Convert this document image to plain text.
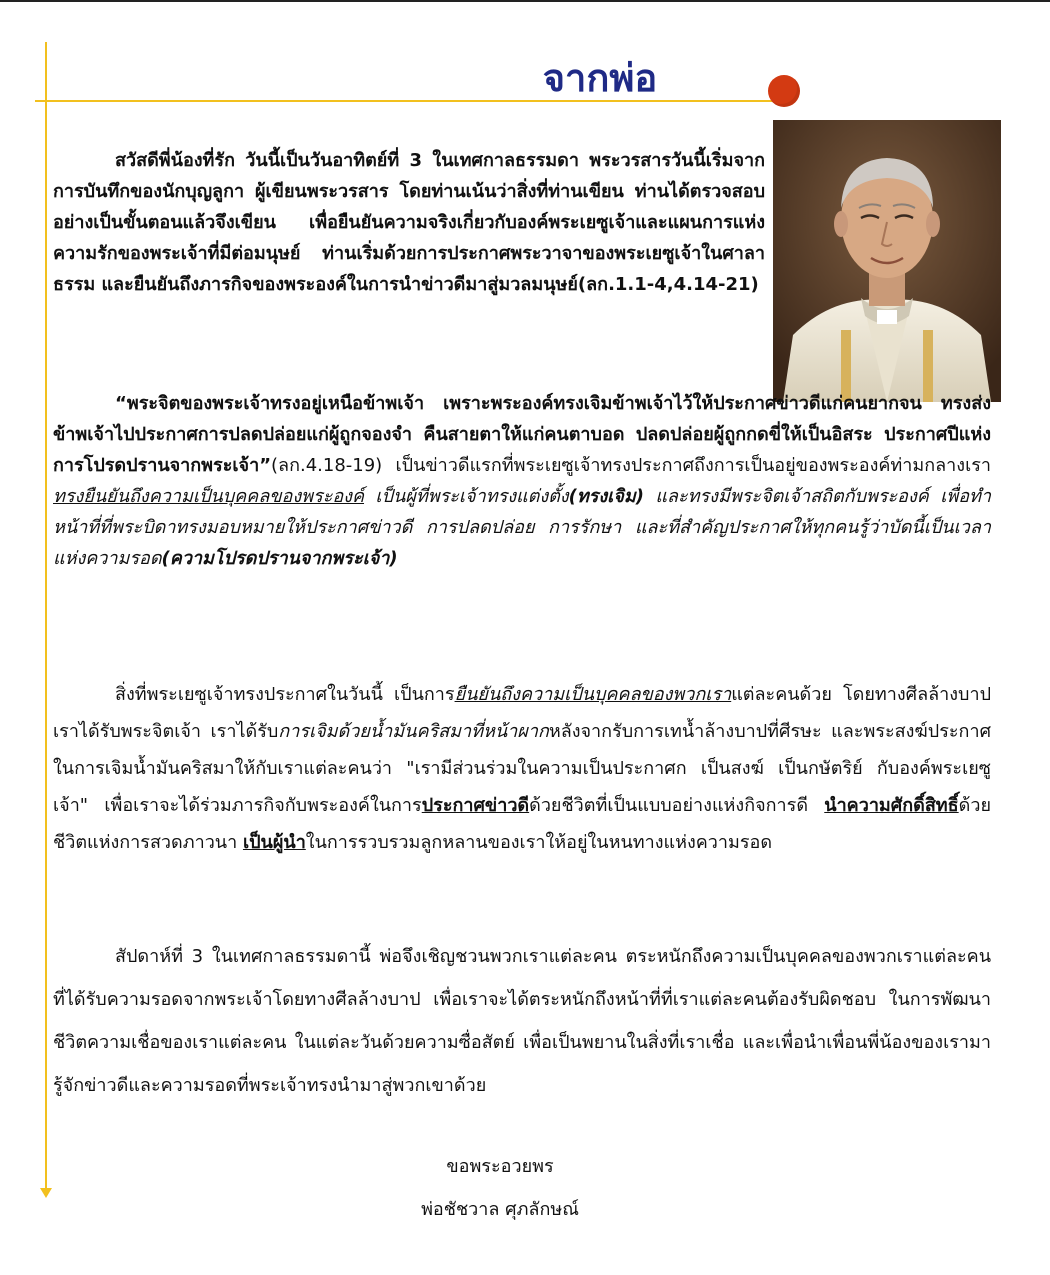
จากพ่อ

สวัสดีพี่น้องที่รัก วันนี้เป็นวันอาทิตย์ที่ 3 ในเทศกาลธรรมดา พระวรสารวันนี้เริ่มจากการบันทึกของนักบุญลูกา ผู้เขียนพระวรสาร โดยท่านเน้นว่าสิ่งที่ท่านเขียน ท่านได้ตรวจสอบอย่างเป็นขั้นตอนแล้วจึงเขียน เพื่อยืนยันความจริงเกี่ยวกับองค์พระเยซูเจ้าและแผนการแห่งความรักของพระเจ้าที่มีต่อมนุษย์ ท่านเริ่มด้วยการประกาศพระวาจาของพระเยซูเจ้าในศาลาธรรม และยืนยันถึงภารกิจของพระองค์ในการนำข่าวดีมาสู่มวลมนุษย์(ลก.1.1-4,4.14-21)

“พระจิตของพระเจ้าทรงอยู่เหนือข้าพเจ้า เพราะพระองค์ทรงเจิมข้าพเจ้าไว้ให้ประกาศข่าวดีแก่คนยากจน ทรงส่งข้าพเจ้าไปประกาศการปลดปล่อยแก่ผู้ถูกจองจำ คืนสายตาให้แก่คนตาบอด ปลดปล่อยผู้ถูกกดขี่ให้เป็นอิสระ ประกาศปีแห่งการโปรดปรานจากพระเจ้า”(ลก.4.18-19) เป็นข่าวดีแรกที่พระเยซูเจ้าทรงประกาศถึงการเป็นอยู่ของพระองค์ท่ามกลางเรา ทรงยืนยันถึงความเป็นบุคคลของพระองค์ เป็นผู้ที่พระเจ้าทรงแต่งตั้ง(ทรงเจิม) และทรงมีพระจิตเจ้าสถิตกับพระองค์ เพื่อทำหน้าที่ที่พระบิดาทรงมอบหมายให้ประกาศข่าวดี การปลดปล่อย การรักษา และที่สำคัญประกาศให้ทุกคนรู้ว่าบัดนี้เป็นเวลาแห่งความรอด(ความโปรดปรานจากพระเจ้า)

สิ่งที่พระเยซูเจ้าทรงประกาศในวันนี้ เป็นการยืนยันถึงความเป็นบุคคลของพวกเราแต่ละคนด้วย โดยทางศีลล้างบาป เราได้รับพระจิตเจ้า เราได้รับการเจิมด้วยน้ำมันคริสมาที่หน้าผากหลังจากรับการเทน้ำล้างบาปที่ศีรษะ และพระสงฆ์ประกาศในการเจิมน้ำมันคริสมาให้กับเราแต่ละคนว่า "เรามีส่วนร่วมในความเป็นประกาศก เป็นสงฆ์ เป็นกษัตริย์ กับองค์พระเยซูเจ้า" เพื่อเราจะได้ร่วมภารกิจกับพระองค์ในการประกาศข่าวดีด้วยชีวิตที่เป็นแบบอย่างแห่งกิจการดี นำความศักดิ์สิทธิ์ด้วยชีวิตแห่งการสวดภาวนา เป็นผู้นำในการรวบรวมลูกหลานของเราให้อยู่ในหนทางแห่งความรอด

สัปดาห์ที่ 3 ในเทศกาลธรรมดานี้ พ่อจึงเชิญชวนพวกเราแต่ละคน ตระหนักถึงความเป็นบุคคลของพวกเราแต่ละคน ที่ได้รับความรอดจากพระเจ้าโดยทางศีลล้างบาป เพื่อเราจะได้ตระหนักถึงหน้าที่ที่เราแต่ละคนต้องรับผิดชอบ ในการพัฒนาชีวิตความเชื่อของเราแต่ละคน ในแต่ละวันด้วยความซื่อสัตย์ เพื่อเป็นพยานในสิ่งที่เราเชื่อ และเพื่อนำเพื่อนพี่น้องของเรามารู้จักข่าวดีและความรอดที่พระเจ้าทรงนำมาสู่พวกเขาด้วย

ขอพระอวยพร
พ่อชัชวาล ศุภลักษณ์
